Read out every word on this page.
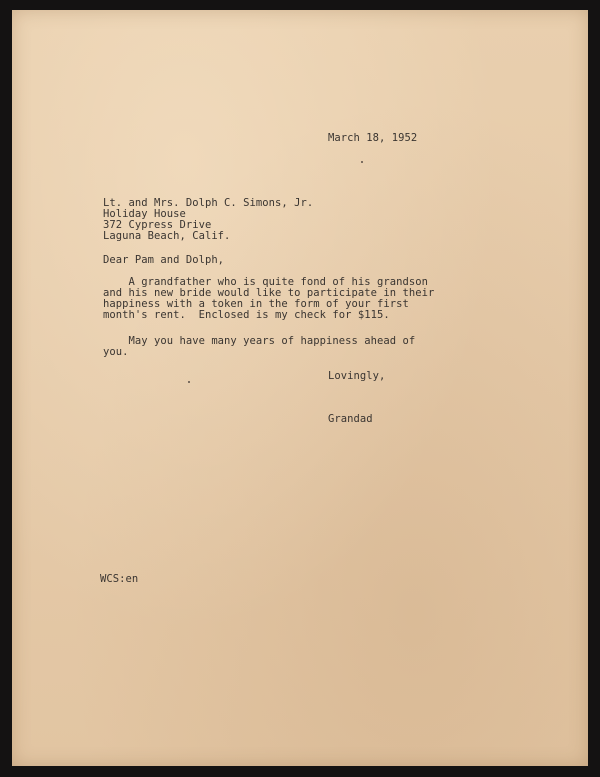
March 18, 1952
Lt. and Mrs. Dolph C. Simons, Jr.
Holiday House
372 Cypress Drive
Laguna Beach, Calif.
Dear Pam and Dolph,
A grandfather who is quite fond of his grandson
and his new bride would like to participate in their
happiness with a token in the form of your first
month's rent.  Enclosed is my check for $115.
May you have many years of happiness ahead of
you.
Lovingly,
Grandad
WCS:en
